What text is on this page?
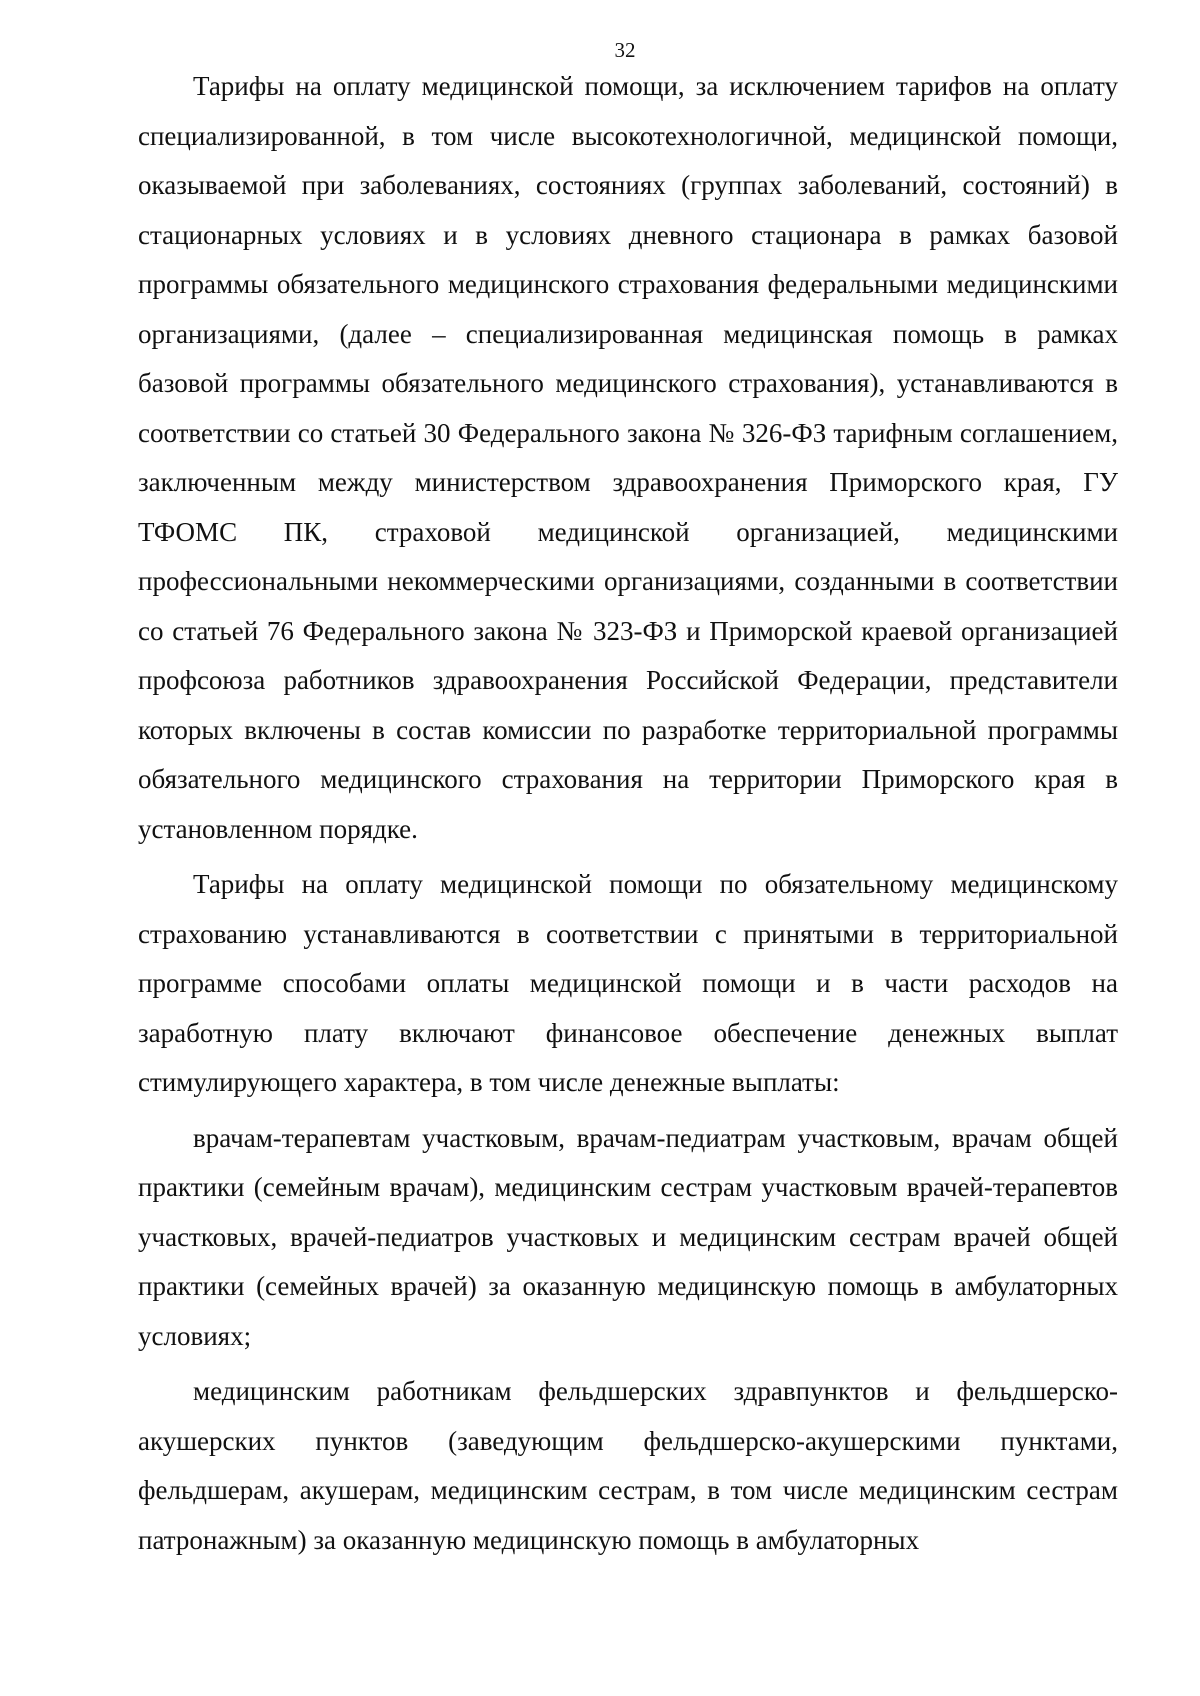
32

Тарифы на оплату медицинской помощи, за исключением тарифов на оплату специализированной, в том числе высокотехнологичной, медицинской помощи, оказываемой при заболеваниях, состояниях (группах заболеваний, состояний) в стационарных условиях и в условиях дневного стационара в рамках базовой программы обязательного медицинского страхования федеральными медицинскими организациями, (далее – специализированная медицинская помощь в рамках базовой программы обязательного медицинского страхования), устанавливаются в соответствии со статьей 30 Федерального закона № 326-ФЗ тарифным соглашением, заключенным между министерством здравоохранения Приморского края, ГУ ТФОМС ПК, страховой медицинской организацией, медицинскими профессиональными некоммерческими организациями, созданными в соответствии со статьей 76 Федерального закона № 323-ФЗ и Приморской краевой организацией профсоюза работников здравоохранения Российской Федерации, представители которых включены в состав комиссии по разработке территориальной программы обязательного медицинского страхования на территории Приморского края в установленном порядке.

Тарифы на оплату медицинской помощи по обязательному медицинскому страхованию устанавливаются в соответствии с принятыми в территориальной программе способами оплаты медицинской помощи и в части расходов на заработную плату включают финансовое обеспечение денежных выплат стимулирующего характера, в том числе денежные выплаты:

врачам-терапевтам участковым, врачам-педиатрам участковым, врачам общей практики (семейным врачам), медицинским сестрам участковым врачей-терапевтов участковых, врачей-педиатров участковых и медицинским сестрам врачей общей практики (семейных врачей) за оказанную медицинскую помощь в амбулаторных условиях;

медицинским работникам фельдшерских здравпунктов и фельдшерско-акушерских пунктов (заведующим фельдшерско-акушерскими пунктами, фельдшерам, акушерам, медицинским сестрам, в том числе медицинским сестрам патронажным) за оказанную медицинскую помощь в амбулаторных
